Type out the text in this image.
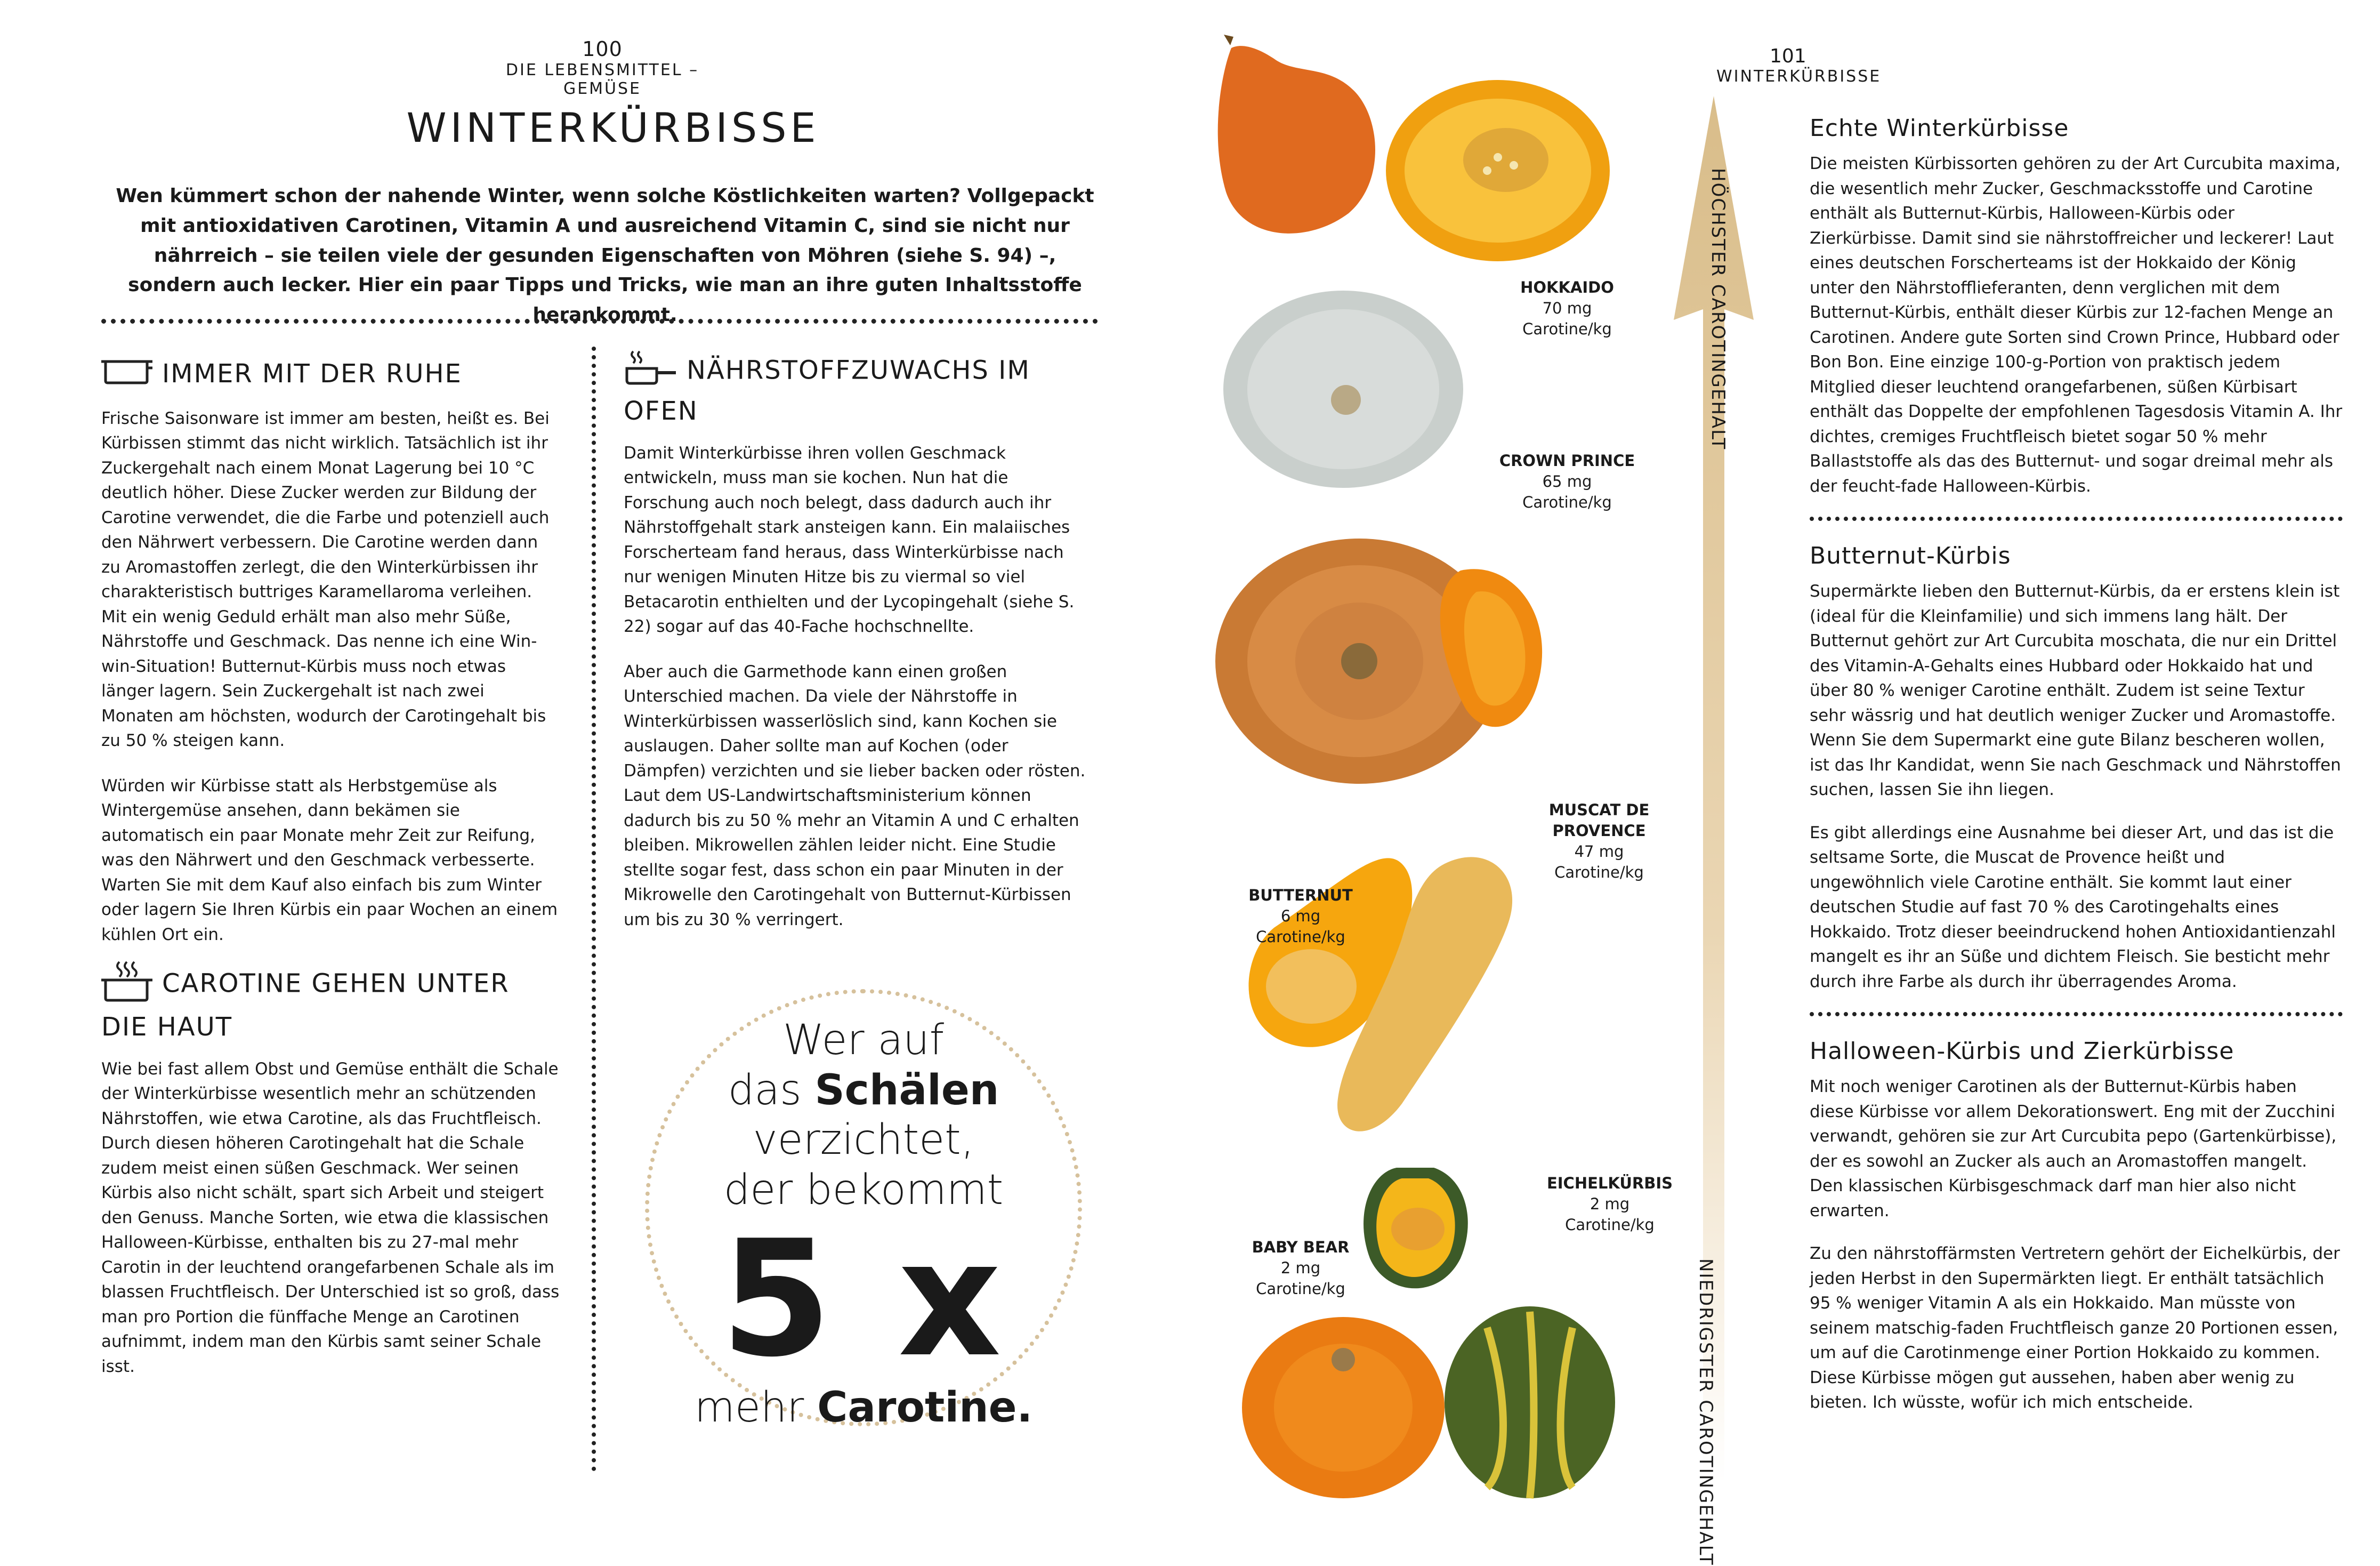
100
DIE LEBENSMITTEL – GEMÜSE
WINTERKÜRBISSE
Wen kümmert schon der nahende Winter, wenn solche Köstlichkeiten warten? Vollgepackt mit antioxidativen Carotinen, Vitamin A und ausreichend Vitamin C, sind sie nicht nur nährreich – sie teilen viele der gesunden Eigenschaften von Möhren (siehe S. 94) –, sondern auch lecker. Hier ein paar Tipps und Tricks, wie man an ihre guten Inhaltsstoffe herankommt.
IMMER MIT DER RUHE

Frische Saisonware ist immer am besten, heißt es. Bei Kürbissen stimmt das nicht wirklich. Tatsächlich ist ihr Zuckergehalt nach einem Monat Lagerung bei 10 °C deutlich höher. Diese Zucker werden zur Bildung der Carotine verwendet, die die Farbe und potenziell auch den Nährwert verbessern. Die Carotine werden dann zu Aromastoffen zerlegt, die den Winterkürbissen ihr charakteristisch buttriges Karamellaroma verleihen. Mit ein wenig Geduld erhält man also mehr Süße, Nährstoffe und Geschmack. Das nenne ich eine Win-win-Situation! Butternut-Kürbis muss noch etwas länger lagern. Sein Zuckergehalt ist nach zwei Monaten am höchsten, wodurch der Carotingehalt bis zu 50 % steigen kann.

Würden wir Kürbisse statt als Herbstgemüse als Wintergemüse ansehen, dann bekämen sie automatisch ein paar Monate mehr Zeit zur Reifung, was den Nährwert und den Geschmack verbesserte. Warten Sie mit dem Kauf also einfach bis zum Winter oder lagern Sie Ihren Kürbis ein paar Wochen an einem kühlen Ort ein.

CAROTINE GEHEN UNTER DIE HAUT

Wie bei fast allem Obst und Gemüse enthält die Schale der Winterkürbisse wesentlich mehr an schützenden Nährstoffen, wie etwa Carotine, als das Fruchtfleisch. Durch diesen höheren Carotingehalt hat die Schale zudem meist einen süßen Geschmack. Wer seinen Kürbis also nicht schält, spart sich Arbeit und steigert den Genuss. Manche Sorten, wie etwa die klassischen Halloween-Kürbisse, enthalten bis zu 27-mal mehr Carotin in der leuchtend orangefarbenen Schale als im blassen Fruchtfleisch. Der Unterschied ist so groß, dass man pro Portion die fünffache Menge an Carotinen aufnimmt, indem man den Kürbis samt seiner Schale isst.

NÄHRSTOFFZUWACHS IM OFEN

Damit Winterkürbisse ihren vollen Geschmack entwickeln, muss man sie kochen. Nun hat die Forschung auch noch belegt, dass dadurch auch ihr Nährstoffgehalt stark ansteigen kann. Ein malaiisches Forscherteam fand heraus, dass Winterkürbisse nach nur wenigen Minuten Hitze bis zu viermal so viel Betacarotin enthielten und der Lycopingehalt (siehe S. 22) sogar auf das 40-Fache hochschnellte.

Aber auch die Garmethode kann einen großen Unterschied machen. Da viele der Nährstoffe in Winterkürbissen wasserlöslich sind, kann Kochen sie auslaugen. Daher sollte man auf Kochen (oder Dämpfen) verzichten und sie lieber backen oder rösten. Laut dem US-Landwirtschaftsministerium können dadurch bis zu 50 % mehr an Vitamin A und C erhalten bleiben. Mikrowellen zählen leider nicht. Eine Studie stellte sogar fest, dass schon ein paar Minuten in der Mikrowelle den Carotingehalt von Butternut-Kürbissen um bis zu 30 % verringert.

Wer auf
das Schälen
verzichtet,
der bekommt
5 x
mehr Carotine.
HOKKAIDO
70 mg
Carotine/kg
CROWN PRINCE
65 mg
Carotine/kg
MUSCAT DE PROVENCE
47 mg
Carotine/kg
BUTTERNUT
6 mg
Carotine/kg
EICHELKÜRBIS
2 mg
Carotine/kg
BABY BEAR
2 mg
Carotine/kg
HÖCHSTER CAROTINGEHALT
NIEDRIGSTER CAROTINGEHALT
101
WINTERKÜRBISSE
Echte Winterkürbisse

Die meisten Kürbissorten gehören zu der Art Curcubita maxima, die wesentlich mehr Zucker, Geschmacksstoffe und Carotine enthält als Butternut-Kürbis, Halloween-Kürbis oder Zierkürbisse. Damit sind sie nährstoffreicher und leckerer! Laut eines deutschen Forscherteams ist der Hokkaido der König unter den Nährstofflieferanten, denn verglichen mit dem Butternut-Kürbis, enthält dieser Kürbis zur 12-fachen Menge an Carotinen. Andere gute Sorten sind Crown Prince, Hubbard oder Bon Bon. Eine einzige 100-g-Portion von praktisch jedem Mitglied dieser leuchtend orangefarbenen, süßen Kürbisart enthält das Doppelte der empfohlenen Tagesdosis Vitamin A. Ihr dichtes, cremiges Fruchtfleisch bietet sogar 50 % mehr Ballaststoffe als das des Butternut- und sogar dreimal mehr als der feucht-fade Halloween-Kürbis.

Butternut-Kürbis

Supermärkte lieben den Butternut-Kürbis, da er erstens klein ist (ideal für die Kleinfamilie) und sich immens lang hält. Der Butternut gehört zur Art Curcubita moschata, die nur ein Drittel des Vitamin-A-Gehalts eines Hubbard oder Hokkaido hat und über 80 % weniger Carotine enthält. Zudem ist seine Textur sehr wässrig und hat deutlich weniger Zucker und Aromastoffe. Wenn Sie dem Supermarkt eine gute Bilanz bescheren wollen, ist das Ihr Kandidat, wenn Sie nach Geschmack und Nährstoffen suchen, lassen Sie ihn liegen.

Es gibt allerdings eine Ausnahme bei dieser Art, und das ist die seltsame Sorte, die Muscat de Provence heißt und ungewöhnlich viele Carotine enthält. Sie kommt laut einer deutschen Studie auf fast 70 % des Carotingehalts eines Hokkaido. Trotz dieser beeindruckend hohen Antioxidantienzahl mangelt es ihr an Süße und dichtem Fleisch. Sie besticht mehr durch ihre Farbe als durch ihr überragendes Aroma.

Halloween-Kürbis und Zierkürbisse

Mit noch weniger Carotinen als der Butternut-Kürbis haben diese Kürbisse vor allem Dekorationswert. Eng mit der Zucchini verwandt, gehören sie zur Art Curcubita pepo (Gartenkürbisse), der es sowohl an Zucker als auch an Aromastoffen mangelt. Den klassischen Kürbisgeschmack darf man hier also nicht erwarten.

Zu den nährstoffärmsten Vertretern gehört der Eichelkürbis, der jeden Herbst in den Supermärkten liegt. Er enthält tatsächlich 95 % weniger Vitamin A als ein Hokkaido. Man müsste von seinem matschig-faden Fruchtfleisch ganze 20 Portionen essen, um auf die Carotinmenge einer Portion Hokkaido zu kommen. Diese Kürbisse mögen gut aussehen, haben aber wenig zu bieten. Ich wüsste, wofür ich mich entscheide.
